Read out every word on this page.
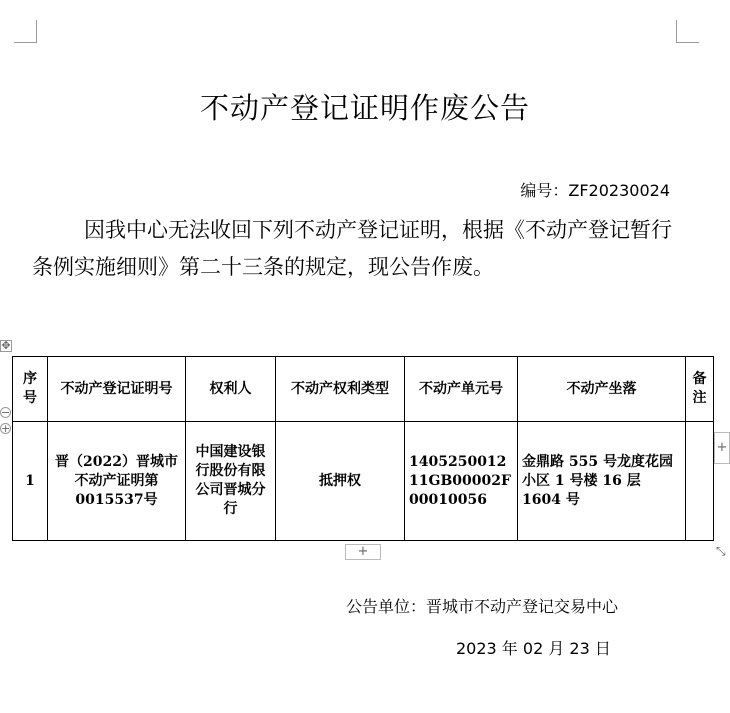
不动产登记证明作废公告
编号：ZF20230024
因我中心无法收回下列不动产登记证明，根据《不动产登记暂行条例实施细则》第二十三条的规定，现公告作废。
✥
−
+
序号	不动产登记证明号	权利人	不动产权利类型	不动产单元号	不动产坐落	备注
1	晋（2022）晋城市不动产证明第0015537号	中国建设银行股份有限公司晋城分行	抵押权	140525001211GB00002F00010056	金鼎路 555 号龙度花园小区 1 号楼 16 层 1604 号	
+
+	⤡
公告单位：晋城市不动产登记交易中心
2023 年 02 月 23 日
